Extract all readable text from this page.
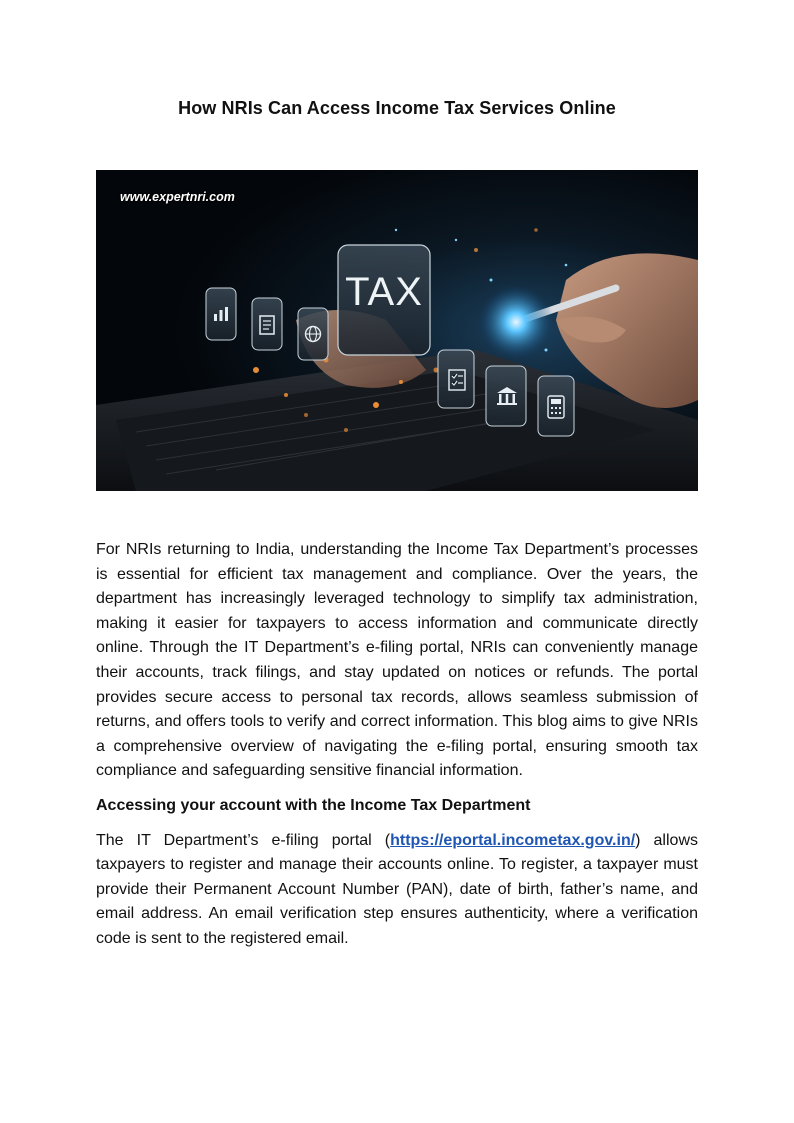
How NRIs Can Access Income Tax Services Online
TAX
www.expertnri.com

For NRIs returning to India, understanding the Income Tax Department’s processes is essential for efficient tax management and compliance. Over the years, the department has increasingly leveraged technology to simplify tax administration, making it easier for taxpayers to access information and communicate directly online. Through the IT Department’s e-filing portal, NRIs can conveniently manage their accounts, track filings, and stay updated on notices or refunds. The portal provides secure access to personal tax records, allows seamless submission of returns, and offers tools to verify and correct information. This blog aims to give NRIs a comprehensive overview of navigating the e-filing portal, ensuring smooth tax compliance and safeguarding sensitive financial information.

Accessing your account with the Income Tax Department

The IT Department’s e-filing portal (https://eportal.incometax.gov.in/) allows taxpayers to register and manage their accounts online. To register, a taxpayer must provide their Permanent Account Number (PAN), date of birth, father’s name, and email address. An email verification step ensures authenticity, where a verification code is sent to the registered email.
